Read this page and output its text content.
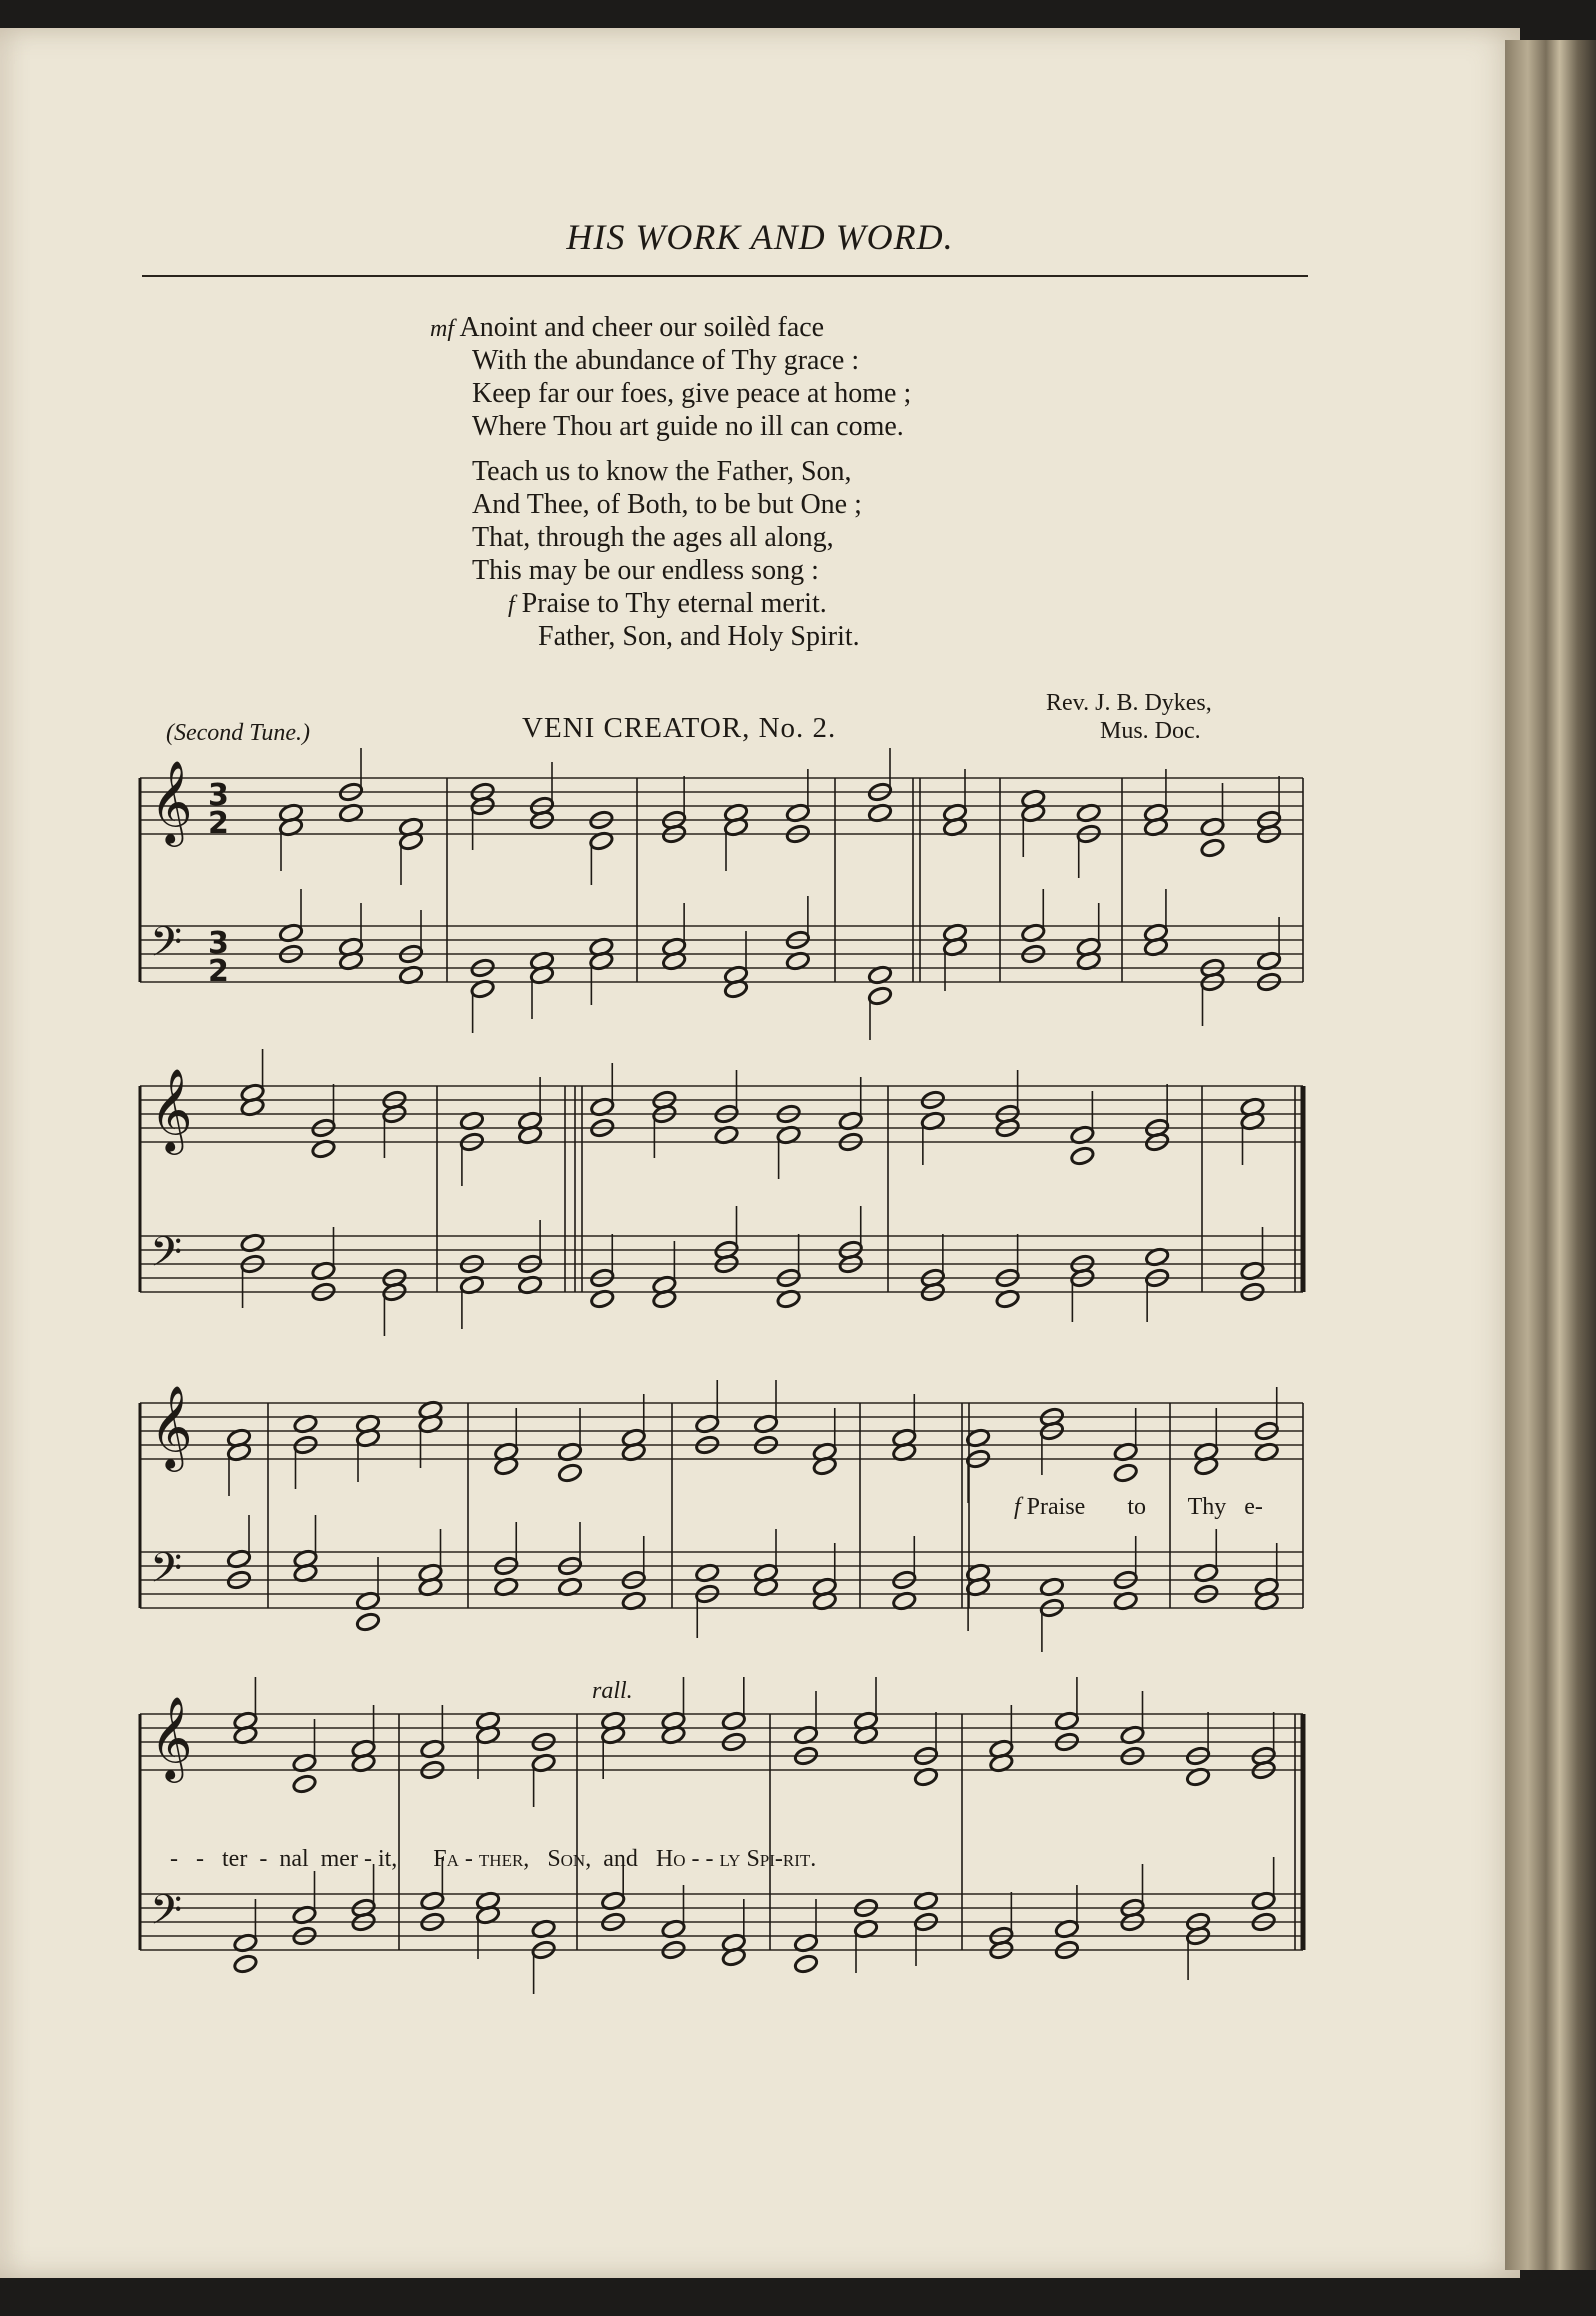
HIS WORK AND WORD.
mf Anoint and cheer our soilèd face
With the abundance of Thy grace :
Keep far our foes, give peace at home ;
Where Thou art guide no ill can come.
Teach us to know the Father, Son,
And Thee, of Both, to be but One ;
That, through the ages all along,
This may be our endless song :
f Praise to Thy eternal merit.
Father, Son, and Holy Spirit.
Rev. J. B. Dykes,
Mus. Doc.
(Second Tune.)	VENI CREATOR, No. 2.
𝄞 3
2
𝄢 3
2
𝄞
𝄢
𝄞
𝄢
𝄞
𝄢
f Praise to Thy e-
rall.
- - ter - nal mer - it, Fa - ther, Son, and Ho - - ly Spi-rit.
